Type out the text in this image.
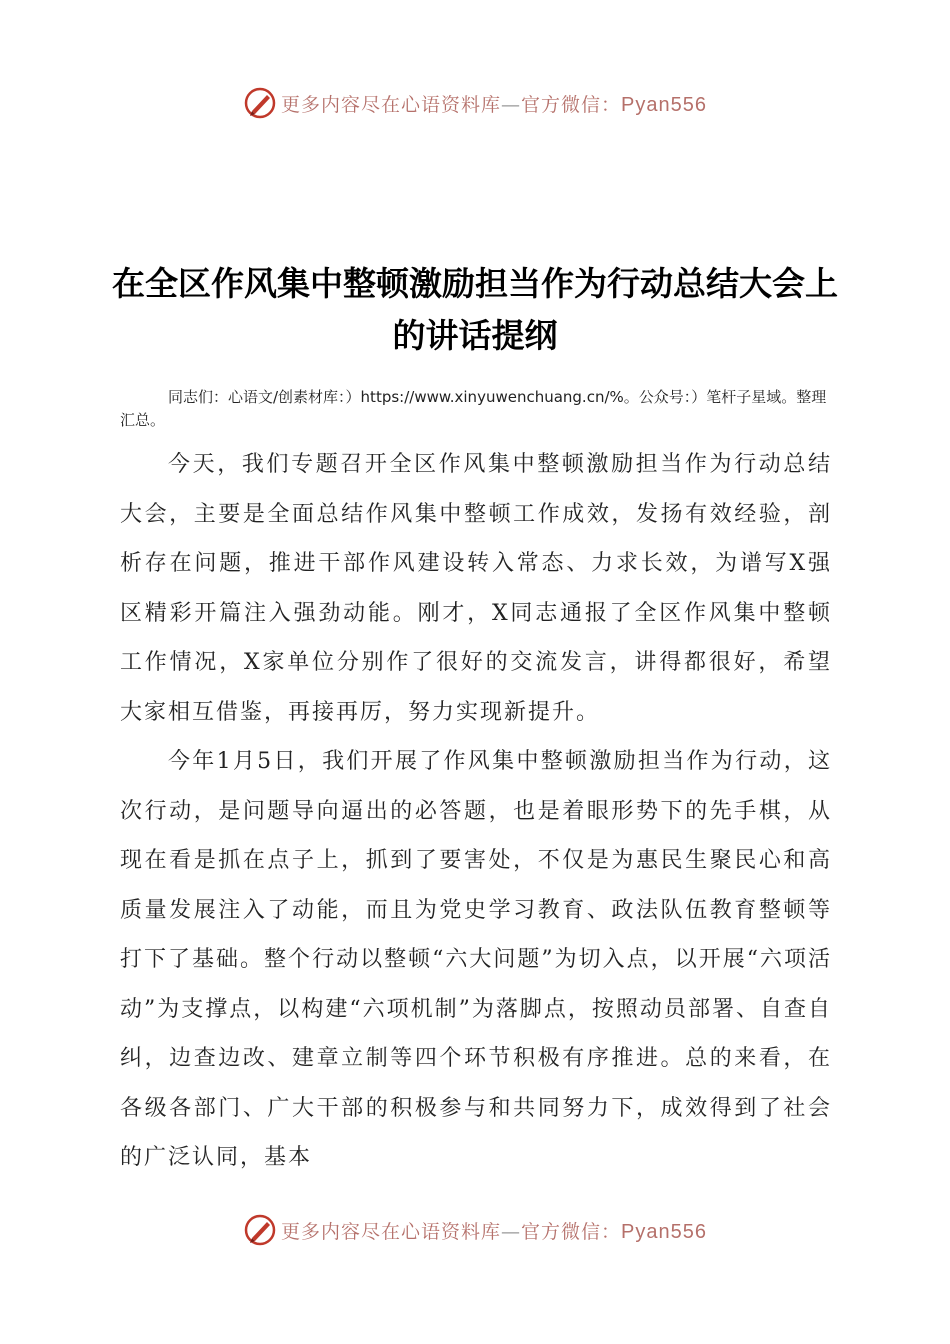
更多内容尽在心语资料库—官方微信：Pyan556
在全区作风集中整顿激励担当作为行动总结大会上的讲话提纲

同志们：心语文/创素材库：）https://www.xinyuwenchuang.cn/%。公众号：）笔杆子星域。整理汇总。

今天，我们专题召开全区作风集中整顿激励担当作为行动总结大会，主要是全面总结作风集中整顿工作成效，发扬有效经验，剖析存在问题，推进干部作风建设转入常态、力求长效，为谱写X强区精彩开篇注入强劲动能。刚才，X同志通报了全区作风集中整顿工作情况，X家单位分别作了很好的交流发言，讲得都很好，希望大家相互借鉴，再接再厉，努力实现新提升。

今年1月5日，我们开展了作风集中整顿激励担当作为行动，这次行动，是问题导向逼出的必答题，也是着眼形势下的先手棋，从现在看是抓在点子上，抓到了要害处，不仅是为惠民生聚民心和高质量发展注入了动能，而且为党史学习教育、政法队伍教育整顿等打下了基础。整个行动以整顿“六大问题”为切入点，以开展“六项活动”为支撑点，以构建“六项机制”为落脚点，按照动员部署、自查自纠，边查边改、建章立制等四个环节积极有序推进。总的来看，在各级各部门、广大干部的积极参与和共同努力下，成效得到了社会的广泛认同，基本

更多内容尽在心语资料库—官方微信：Pyan556
